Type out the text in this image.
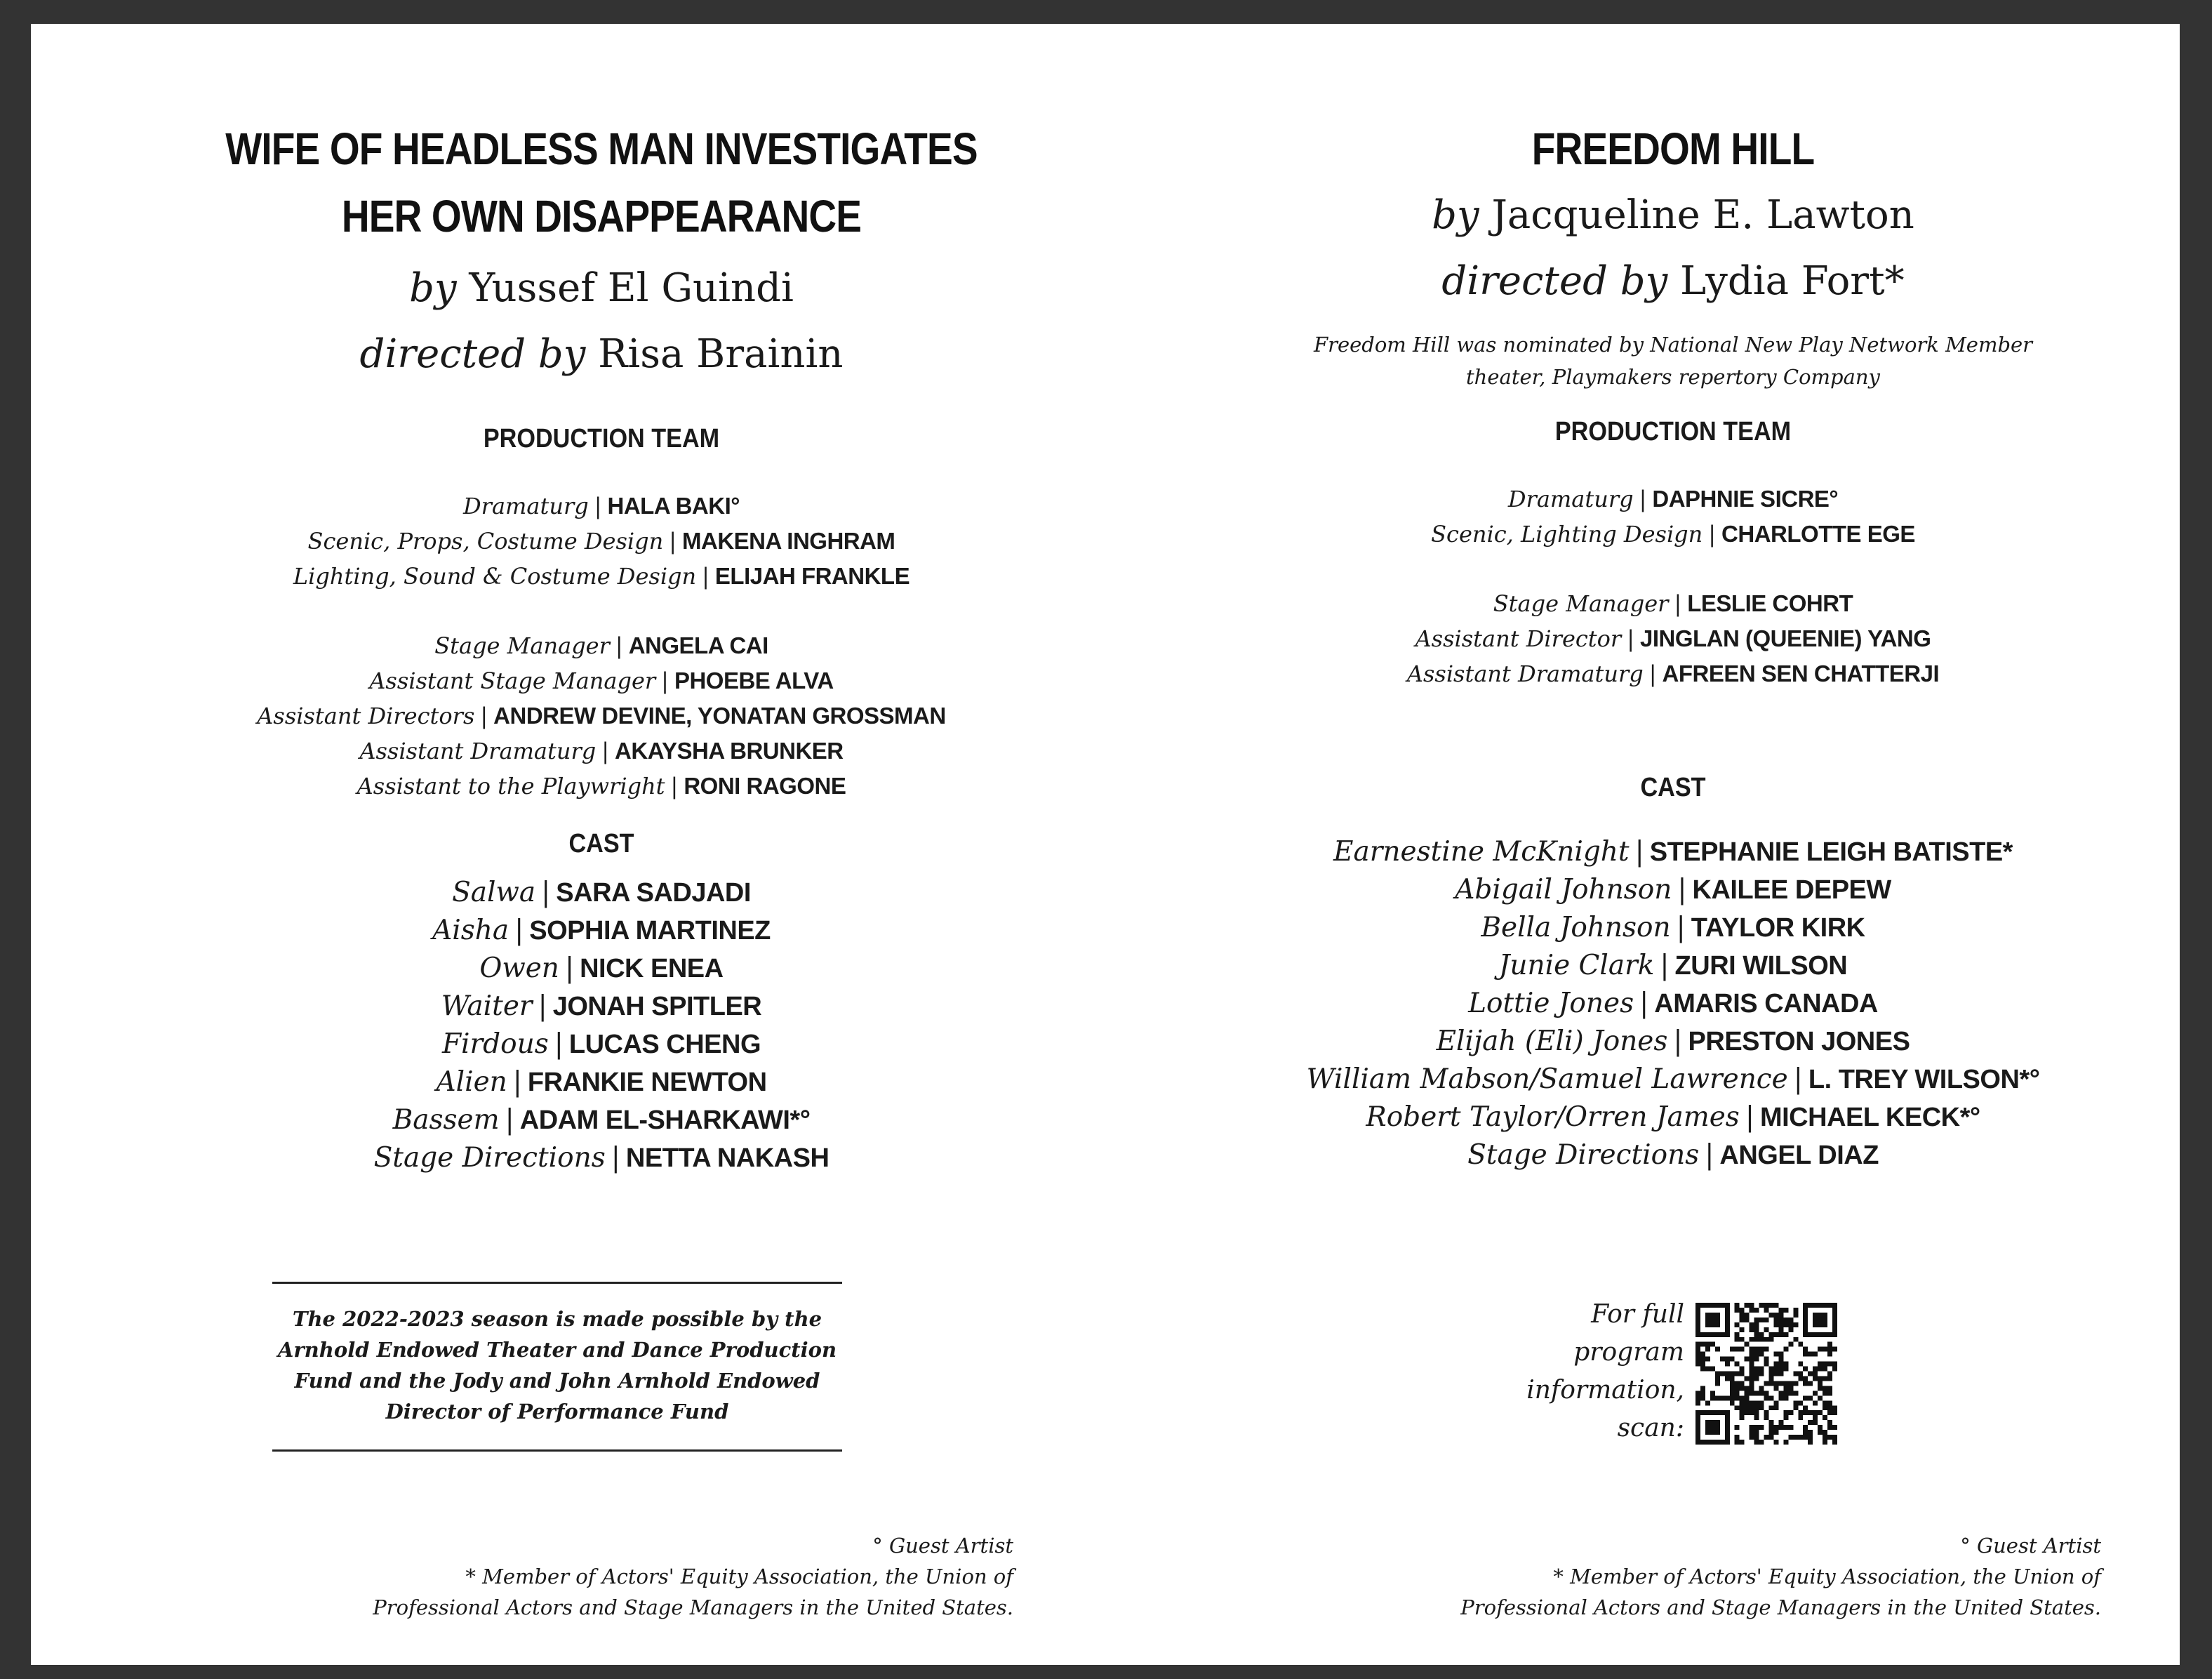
WIFE OF HEADLESS MAN INVESTIGATES

HER OWN DISAPPEARANCE

by Yussef El Guindi

directed by Risa Brainin

PRODUCTION TEAM

Dramaturg | HALA BAKI°
Scenic, Props, Costume Design | MAKENA INGHRAM
Lighting, Sound & Costume Design | ELIJAH FRANKLE
Stage Manager | ANGELA CAI
Assistant Stage Manager | PHOEBE ALVA
Assistant Directors | ANDREW DEVINE, YONATAN GROSSMAN
Assistant Dramaturg | AKAYSHA BRUNKER
Assistant to the Playwright | RONI RAGONE

CAST

Salwa | SARA SADJADI
Aisha | SOPHIA MARTINEZ
Owen | NICK ENEA
Waiter | JONAH SPITLER
Firdous | LUCAS CHENG
Alien | FRANKIE NEWTON
Bassem | ADAM EL-SHARKAWI*°
Stage Directions | NETTA NAKASH
The 2022-2023 season is made possible by the
Arnhold Endowed Theater and Dance Production
Fund and the Jody and John Arnhold Endowed
Director of Performance Fund
° Guest Artist
* Member of Actors' Equity Association, the Union of
Professional Actors and Stage Managers in the United States.

FREEDOM HILL

by Jacqueline E. Lawton

directed by Lydia Fort*

Freedom Hill was nominated by National New Play Network Member

theater, Playmakers repertory Company

PRODUCTION TEAM

Dramaturg | DAPHNIE SICRE°
Scenic, Lighting Design | CHARLOTTE EGE
Stage Manager | LESLIE COHRT
Assistant Director | JINGLAN (QUEENIE) YANG
Assistant Dramaturg | AFREEN SEN CHATTERJI

CAST

Earnestine McKnight | STEPHANIE LEIGH BATISTE*
Abigail Johnson | KAILEE DEPEW
Bella Johnson | TAYLOR KIRK
Junie Clark | ZURI WILSON
Lottie Jones | AMARIS CANADA
Elijah (Eli) Jones | PRESTON JONES
William Mabson/Samuel Lawrence | L. TREY WILSON*°
Robert Taylor/Orren James | MICHAEL KECK*°
Stage Directions | ANGEL DIAZ
For full
program
information,
scan:
° Guest Artist
* Member of Actors' Equity Association, the Union of
Professional Actors and Stage Managers in the United States.
